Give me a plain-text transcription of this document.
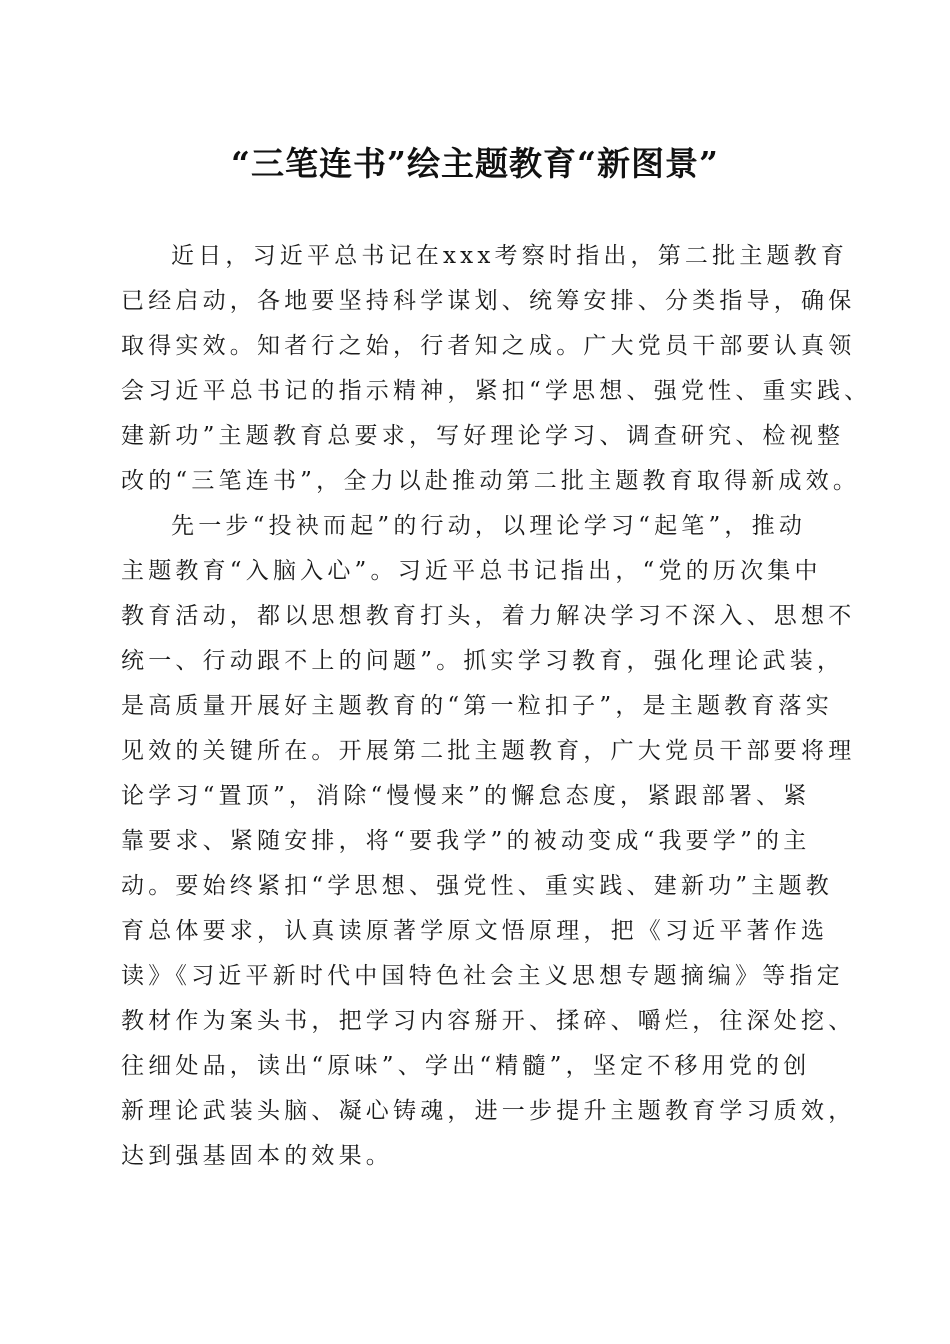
“三笔连书”绘主题教育“新图景”
近日，习近平总书记在xxx考察时指出，第二批主题教育
已经启动，各地要坚持科学谋划、统筹安排、分类指导，确保
取得实效。知者行之始，行者知之成。广大党员干部要认真领
会习近平总书记的指示精神，紧扣“学思想、强党性、重实践、
建新功”主题教育总要求，写好理论学习、调查研究、检视整
改的“三笔连书”，全力以赴推动第二批主题教育取得新成效。
先一步“投袂而起”的行动，以理论学习“起笔”，推动
主题教育“入脑入心”。习近平总书记指出，“党的历次集中
教育活动，都以思想教育打头，着力解决学习不深入、思想不
统一、行动跟不上的问题”。抓实学习教育，强化理论武装，
是高质量开展好主题教育的“第一粒扣子”，是主题教育落实
见效的关键所在。开展第二批主题教育，广大党员干部要将理
论学习“置顶”，消除“慢慢来”的懈怠态度，紧跟部署、紧
靠要求、紧随安排，将“要我学”的被动变成“我要学”的主
动。要始终紧扣“学思想、强党性、重实践、建新功”主题教
育总体要求，认真读原著学原文悟原理，把《习近平著作选
读》《习近平新时代中国特色社会主义思想专题摘编》等指定
教材作为案头书，把学习内容掰开、揉碎、嚼烂，往深处挖、
往细处品，读出“原味”、学出“精髓”，坚定不移用党的创
新理论武装头脑、凝心铸魂，进一步提升主题教育学习质效，
达到强基固本的效果。
